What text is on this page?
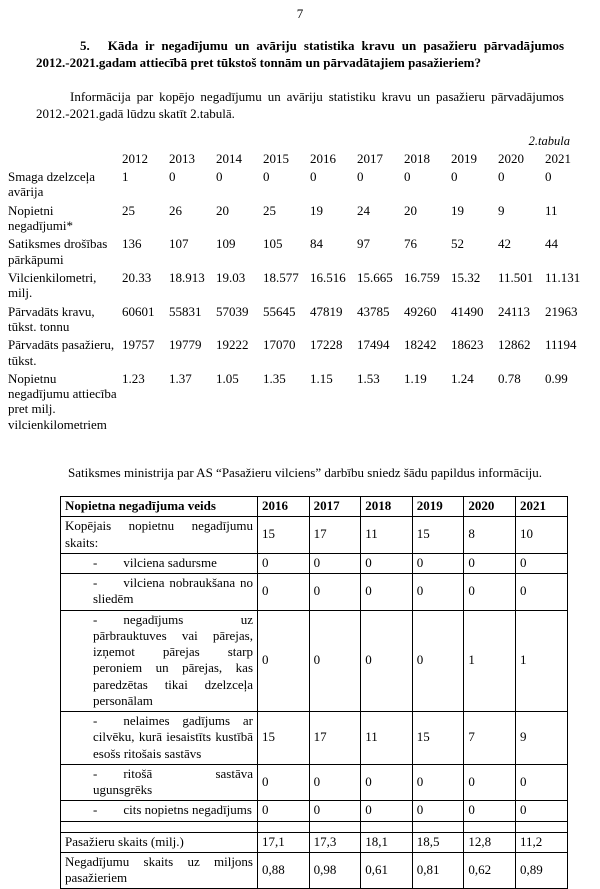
7

5. Kāda ir negadījumu un avāriju statistika kravu un pasažieru pārvadājumos 2012.-2021.gadam attiecībā pret tūkstoš tonnām un pārvadātajiem pasažieriem?

Informācija par kopējo negadījumu un avāriju statistiku kravu un pasažieru pārvadājumos 2012.-2021.gadā lūdzu skatīt 2.tabulā.

2.tabula
	2012	2013	2014	2015	2016	2017	2018	2019	2020	2021
Smaga dzelzceļa avārija	1	0	0	0	0	0	0	0	0	0
Nopietni negadījumi*	25	26	20	25	19	24	20	19	9	11
Satiksmes drošības pārkāpumi	136	107	109	105	84	97	76	52	42	44
Vilcienkilometri, milj.	20.33	18.913	19.03	18.577	16.516	15.665	16.759	15.32	11.501	11.131
Pārvadāts kravu, tūkst. tonnu	60601	55831	57039	55645	47819	43785	49260	41490	24113	21963
Pārvadāts pasažieru, tūkst.	19757	19779	19222	17070	17228	17494	18242	18623	12862	11194
Nopietnu negadījumu attiecība pret milj. vilcienkilometriem	1.23	1.37	1.05	1.35	1.15	1.53	1.19	1.24	0.78	0.99

Satiksmes ministrija par AS “Pasažieru vilciens” darbību sniedz šādu papildus informāciju.

Nopietna negadījuma veids	2016	2017	2018	2019	2020	2021
Kopējais nopietnu negadījumu skaits:	15	17	11	15	8	10
- vilciena sadursme	0	0	0	0	0	0
- vilciena nobraukšana no sliedēm	0	0	0	0	0	0
- negadījums uz pārbrauktuves vai pārejas, izņemot pārejas starp peroniem un pārejas, kas paredzētas tikai dzelzceļa personālam	0	0	0	0	1	1
- nelaimes gadījums ar cilvēku, kurā iesaistīts kustībā esošs ritošais sastāvs	15	17	11	15	7	9
- ritošā sastāva ugunsgrēks	0	0	0	0	0	0
- cits nopietns negadījums	0	0	0	0	0	0

Pasažieru skaits (milj.)	17,1	17,3	18,1	18,5	12,8	11,2
Negadījumu skaits uz miljons pasažieriem	0,88	0,98	0,61	0,81	0,62	0,89
